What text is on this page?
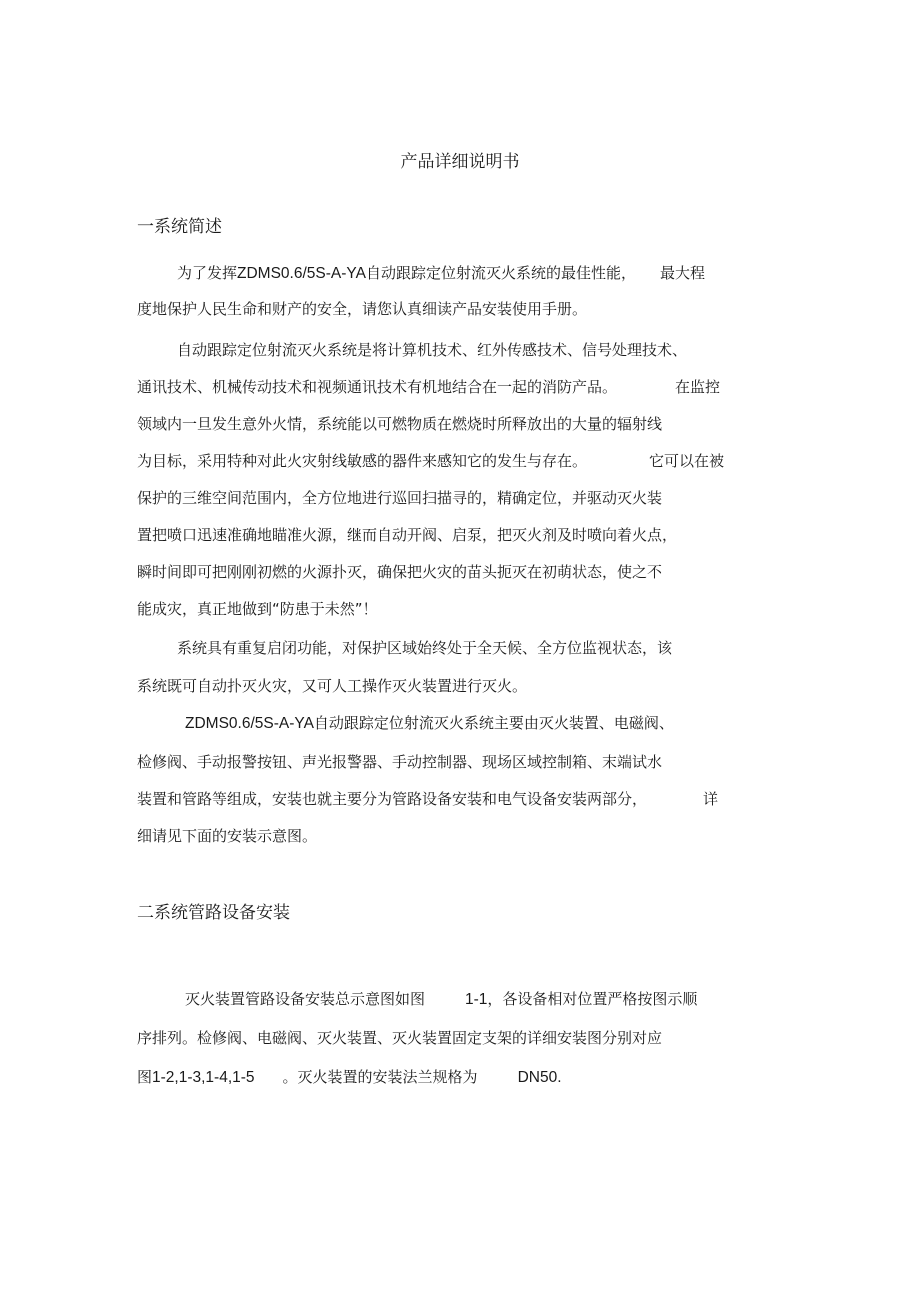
产品详细说明书
一系统简述
为了发挥ZDMS0.6/5S-A-YA自动跟踪定位射流灭火系统的最佳性能， 最大程
度地保护人民生命和财产的安全，请您认真细读产品安装使用手册。
自动跟踪定位射流灭火系统是将计算机技术、红外传感技术、信号处理技术、
通讯技术、机械传动技术和视频通讯技术有机地结合在一起的消防产品。	在监控
领域内一旦发生意外火情，系统能以可燃物质在燃烧时所释放出的大量的辐射线
为目标，采用特种对此火灾射线敏感的器件来感知它的发生与存在。	它可以在被
保护的三维空间范围内，全方位地进行巡回扫描寻的，精确定位，并驱动灭火装
置把喷口迅速准确地瞄准火源，继而自动开阀、启泵，把灭火剂及时喷向着火点，
瞬时间即可把刚刚初燃的火源扑灭，确保把火灾的苗头扼灭在初萌状态，使之不
能成灾，真正地做到“防患于未然”！
系统具有重复启闭功能，对保护区域始终处于全天候、全方位监视状态，该
系统既可自动扑灭火灾，又可人工操作灭火装置进行灭火。
ZDMS0.6/5S-A-YA自动跟踪定位射流灭火系统主要由灭火装置、电磁阀、
检修阀、手动报警按钮、声光报警器、手动控制器、现场区域控制箱、末端试水
装置和管路等组成，安装也就主要分为管路设备安装和电气设备安装两部分，	详
细请见下面的安装示意图。
二系统管路设备安装
灭火装置管路设备安装总示意图如图	1-1，各设备相对位置严格按图示顺
序排列。检修阀、电磁阀、灭火装置、灭火装置固定支架的详细安装图分别对应
图1-2,1-3,1-4,1-5 。灭火装置的安装法兰规格为	DN50.
